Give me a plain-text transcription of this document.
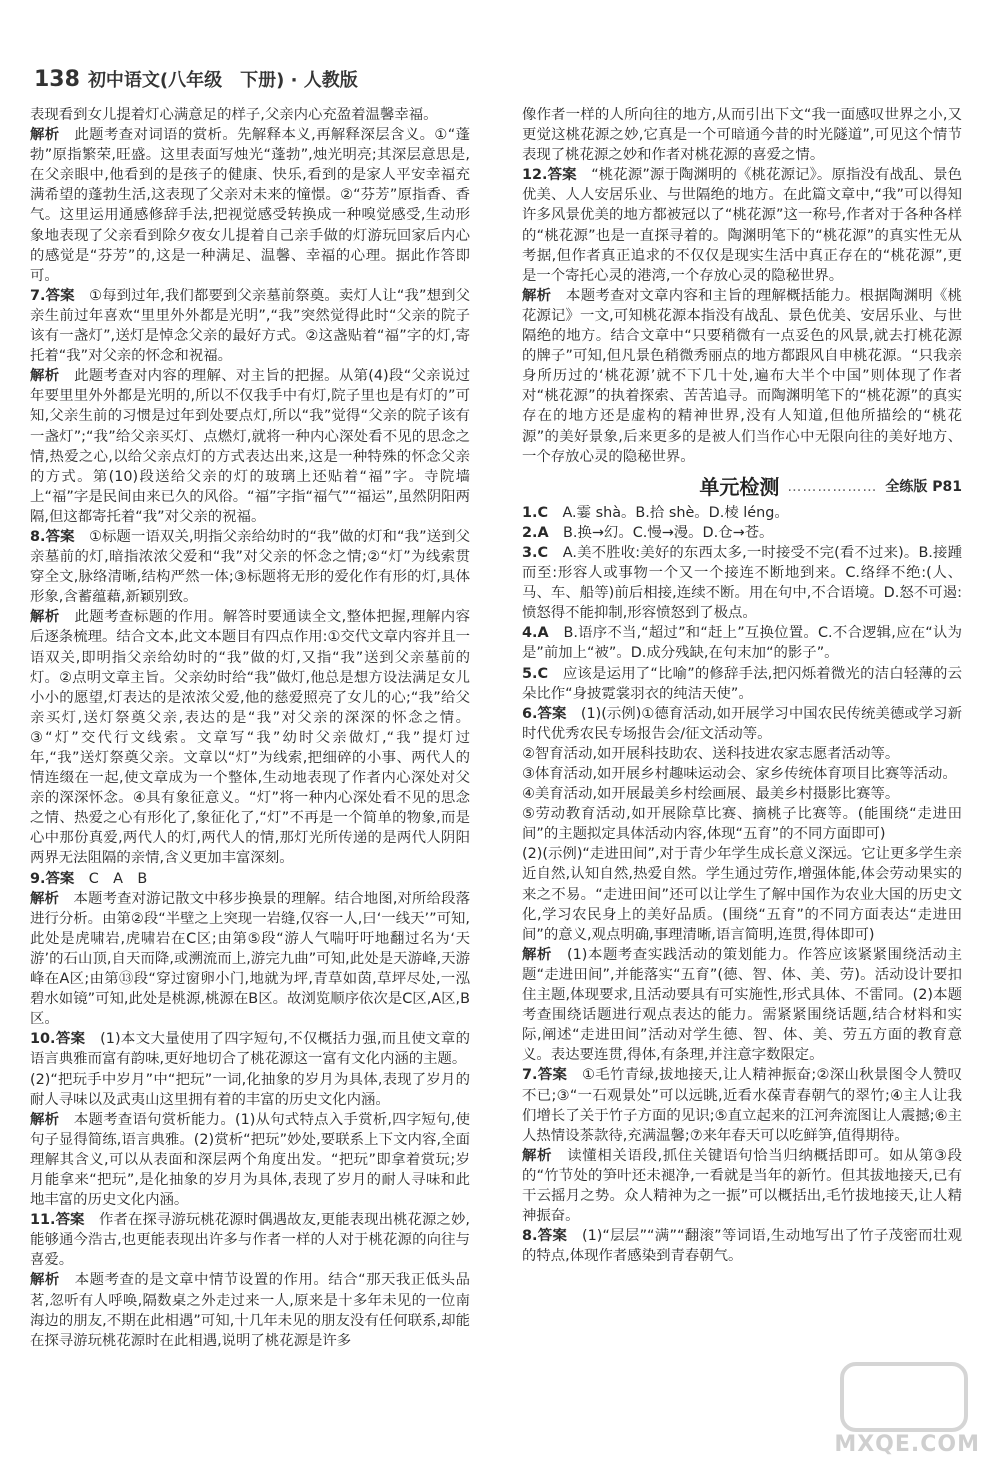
138 初中语文(八年级　下册) · 人教版

表现看到女儿提着灯心满意足的样子,父亲内心充盈着温馨幸福。

解析　 此题考查对词语的赏析。先解释本义,再解释深层含义。①“蓬勃”原指繁荣,旺盛。这里表面写烛光“蓬勃”,烛光明亮;其深层意思是,在父亲眼中,他看到的是孩子的健康、快乐,看到的是家人平安幸福充满希望的蓬勃生活,这表现了父亲对未来的憧憬。②“芬芳”原指香、香气。这里运用通感修辞手法,把视觉感受转换成一种嗅觉感受,生动形象地表现了父亲看到除夕夜女儿提着自己亲手做的灯游玩回家后内心的感觉是“芬芳”的,这是一种满足、温馨、幸福的心理。据此作答即可。

7.答案　 ①每到过年,我们都要到父亲墓前祭奠。卖灯人让“我”想到父亲生前过年喜欢“里里外外都是光明”,“我”突然觉得此时“父亲的院子该有一盏灯”,送灯是悼念父亲的最好方式。②这盏贴着“福”字的灯,寄托着“我”对父亲的怀念和祝福。

解析　 此题考查对内容的理解、对主旨的把握。从第(4)段“父亲说过年要里里外外都是光明的,所以不仅我手中有灯,院子里也是有灯的”可知,父亲生前的习惯是过年到处要点灯,所以“我”觉得“父亲的院子该有一盏灯”;“我”给父亲买灯、点燃灯,就将一种内心深处看不见的思念之情,热爱之心,以给父亲点灯的方式表达出来,这是一种特殊的怀念父亲的方式。第(10)段送给父亲的灯的玻璃上还贴着“福”字。寺院墙上“福”字是民间由来已久的风俗。“福”字指“福气”“福运”,虽然阴阳两隔,但这都寄托着“我”对父亲的祝福。

8.答案　 ①标题一语双关,明指父亲给幼时的“我”做的灯和“我”送到父亲墓前的灯,暗指浓浓父爱和“我”对父亲的怀念之情;②“灯”为线索贯穿全文,脉络清晰,结构严然一体;③标题将无形的爱化作有形的灯,具体形象,含蓄蕴藉,新颖别致。

解析　 此题考查标题的作用。解答时要通读全文,整体把握,理解内容后逐条梳理。结合文本,此文本题目有四点作用:①交代文章内容并且一语双关,即明指父亲给幼时的“我”做的灯,又指“我”送到父亲墓前的灯。②点明文章主旨。父亲幼时给“我”做灯,他总是想方设法满足女儿小小的愿望,灯表达的是浓浓父爱,他的慈爱照亮了女儿的心;“我”给父亲买灯,送灯祭奠父亲,表达的是“我”对父亲的深深的怀念之情。③“灯”交代行文线索。文章写“我”幼时父亲做灯,“我”提灯过年,“我”送灯祭奠父亲。文章以“灯”为线索,把细碎的小事、两代人的情连缀在一起,使文章成为一个整体,生动地表现了作者内心深处对父亲的深深怀念。④具有象征意义。“灯”将一种内心深处看不见的思念之情、热爱之心有形化了,象征化了,“灯”不再是一个简单的物象,而是心中那份真爱,两代人的灯,两代人的情,那灯光所传递的是两代人阴阳两界无法阻隔的亲情,含义更加丰富深刻。

9.答案　 C　A　B

解析　 本题考查对游记散文中移步换景的理解。结合地图,对所给段落进行分析。由第②段“半壁之上突现一岩缝,仅容一人,曰‘一线天’”可知,此处是虎啸岩,虎啸岩在C区;由第⑤段“游人气喘吁吁地翻过名为‘天游’的石山顶,自天而降,或溯流而上,游完九曲”可知,此处是天游峰,天游峰在A区;由第⑬段“穿过窗卵小门,地就为坪,青草如茵,草坪尽处,一泓碧水如镜”可知,此处是桃源,桃源在B区。故浏览顺序依次是C区,A区,B区。

10.答案　 (1)本文大量使用了四字短句,不仅概括力强,而且使文章的语言典雅而富有韵味,更好地切合了桃花源这一富有文化内涵的主题。

(2)“把玩手中岁月”中“把玩”一词,化抽象的岁月为具体,表现了岁月的耐人寻味以及武夷山这里拥有着的丰富的历史文化内涵。

解析　 本题考查语句赏析能力。(1)从句式特点入手赏析,四字短句,使句子显得简练,语言典雅。(2)赏析“把玩”妙处,要联系上下文内容,全面理解其含义,可以从表面和深层两个角度出发。“把玩”即拿着赏玩;岁月能拿来“把玩”,是化抽象的岁月为具体,表现了岁月的耐人寻味和此地丰富的历史文化内涵。

11.答案　 作者在探寻游玩桃花源时偶遇故友,更能表现出桃花源之妙,能够通今浩古,也更能表现出许多与作者一样的人对于桃花源的向往与喜爱。

解析　 本题考查的是文章中情节设置的作用。结合“那天我正低头品茗,忽听有人呼唤,隔数桌之外走过来一人,原来是十多年未见的一位南海边的朋友,不期在此相遇”可知,十几年未见的朋友没有任何联系,却能在探寻游玩桃花源时在此相遇,说明了桃花源是许多

像作者一样的人所向往的地方,从而引出下文“我一面感叹世界之小,又更觉这桃花源之妙,它真是一个可暗通今昔的时光隧道”,可见这个情节表现了桃花源之妙和作者对桃花源的喜爱之情。

12.答案　 “桃花源”源于陶渊明的《桃花源记》。原指没有战乱、景色优美、人人安居乐业、与世隔绝的地方。在此篇文章中,“我”可以得知许多风景优美的地方都被冠以了“桃花源”这一称号,作者对于各种各样的“桃花源”也是一直探寻着的。陶渊明笔下的“桃花源”的真实性无从考据,但作者真正追求的不仅仅是现实生活中真正存在的“桃花源”,更是一个寄托心灵的港湾,一个存放心灵的隐秘世界。

解析　 本题考查对文章内容和主旨的理解概括能力。根据陶渊明《桃花源记》一文,可知桃花源本指没有战乱、景色优美、安居乐业、与世隔绝的地方。结合文章中“只要稍微有一点妥色的风景,就去打桃花源的牌子”可知,但凡景色稍微秀丽点的地方都跟风自申桃花源。“只我亲身所历过的‘桃花源’就不下几十处,遍布大半个中国”则体现了作者对“桃花源”的执着探索、苦苦追寻。而陶渊明笔下的“桃花源”的真实存在的地方还是虚构的精神世界,没有人知道,但他所描绘的“桃花源”的美好景象,后来更多的是被人们当作心中无限向往的美好地方、一个存放心灵的隐秘世界。

单元检测 ……………… 全练版 P81

1.C　 A.霎 shà。B.拾 shè。D.棱 léng。

2.A　 B.换→幻。C.慢→漫。D.仓→苍。

3.C　 A.美不胜收:美好的东西太多,一时接受不完(看不过来)。B.接踵而至:形容人或事物一个又一个接连不断地到来。C.络绎不绝:(人、马、车、船等)前后相接,连续不断。用在句中,不合语境。D.怒不可遏:愤怒得不能抑制,形容愤怒到了极点。

4.A　 B.语序不当,“超过”和“赶上”互换位置。C.不合逻辑,应在“认为是”前加上“被”。D.成分残缺,在句末加“的影子”。

5.C　 应该是运用了“比喻”的修辞手法,把闪烁着微光的洁白轻薄的云朵比作“身披霓裳羽衣的纯洁天使”。

6.答案　 (1)(示例)①德育活动,如开展学习中国农民传统美德或学习新时代优秀农民专场报告会/征文活动等。

②智育活动,如开展科技助农、送科技进农家志愿者活动等。

③体育活动,如开展乡村趣味运动会、家乡传统体育项目比赛等活动。

④美育活动,如开展最美乡村绘画展、最美乡村摄影比赛等。

⑤劳动教育活动,如开展除草比赛、摘桃子比赛等。(能围绕“走进田间”的主题拟定具体活动内容,体现“五育”的不同方面即可)

(2)(示例)“走进田间”,对于青少年学生成长意义深远。它让更多学生亲近自然,认知自然,热爱自然。学生通过劳作,增强体能,体会劳动果实的来之不易。“走进田间”还可以让学生了解中国作为农业大国的历史文化,学习农民身上的美好品质。(围绕“五育”的不同方面表达“走进田间”的意义,观点明确,事理清晰,语言简明,连贯,得体即可)

解析　 (1)本题考查实践活动的策划能力。作答应该紧紧围绕活动主题“走进田间”,并能落实“五育”(德、智、体、美、劳)。活动设计要扣住主题,体现要求,且活动要具有可实施性,形式具体、不雷同。(2)本题考查围绕话题进行观点表达的能力。需紧紧围绕话题,结合材料和实际,阐述“走进田间”活动对学生德、智、体、美、劳五方面的教育意义。表达要连贯,得体,有条理,并注意字数限定。

7.答案　 ①毛竹青绿,拔地接天,让人精神振奋;②深山秋景图令人赞叹不已;③“一石观景处”可以远眺,近看水葆青春朝气的翠竹;④主人让我们增长了关于竹子方面的见识;⑤直立起来的江河奔流图让人震撼;⑥主人热情设茶款待,充满温馨;⑦来年春天可以吃鲜笋,值得期待。

解析　 读懂相关语段,抓住关键语句恰当归纳概括即可。如从第③段的“竹节处的笋叶还未褪净,一看就是当年的新竹。但其拔地接天,已有干云摇月之势。众人精神为之一振”可以概括出,毛竹拔地接天,让人精神振奋。

8.答案　 (1)“层层”“满”“翻滚”等词语,生动地写出了竹子茂密而壮观的特点,体现作者感染到青春朝气。

MXQE.COM
